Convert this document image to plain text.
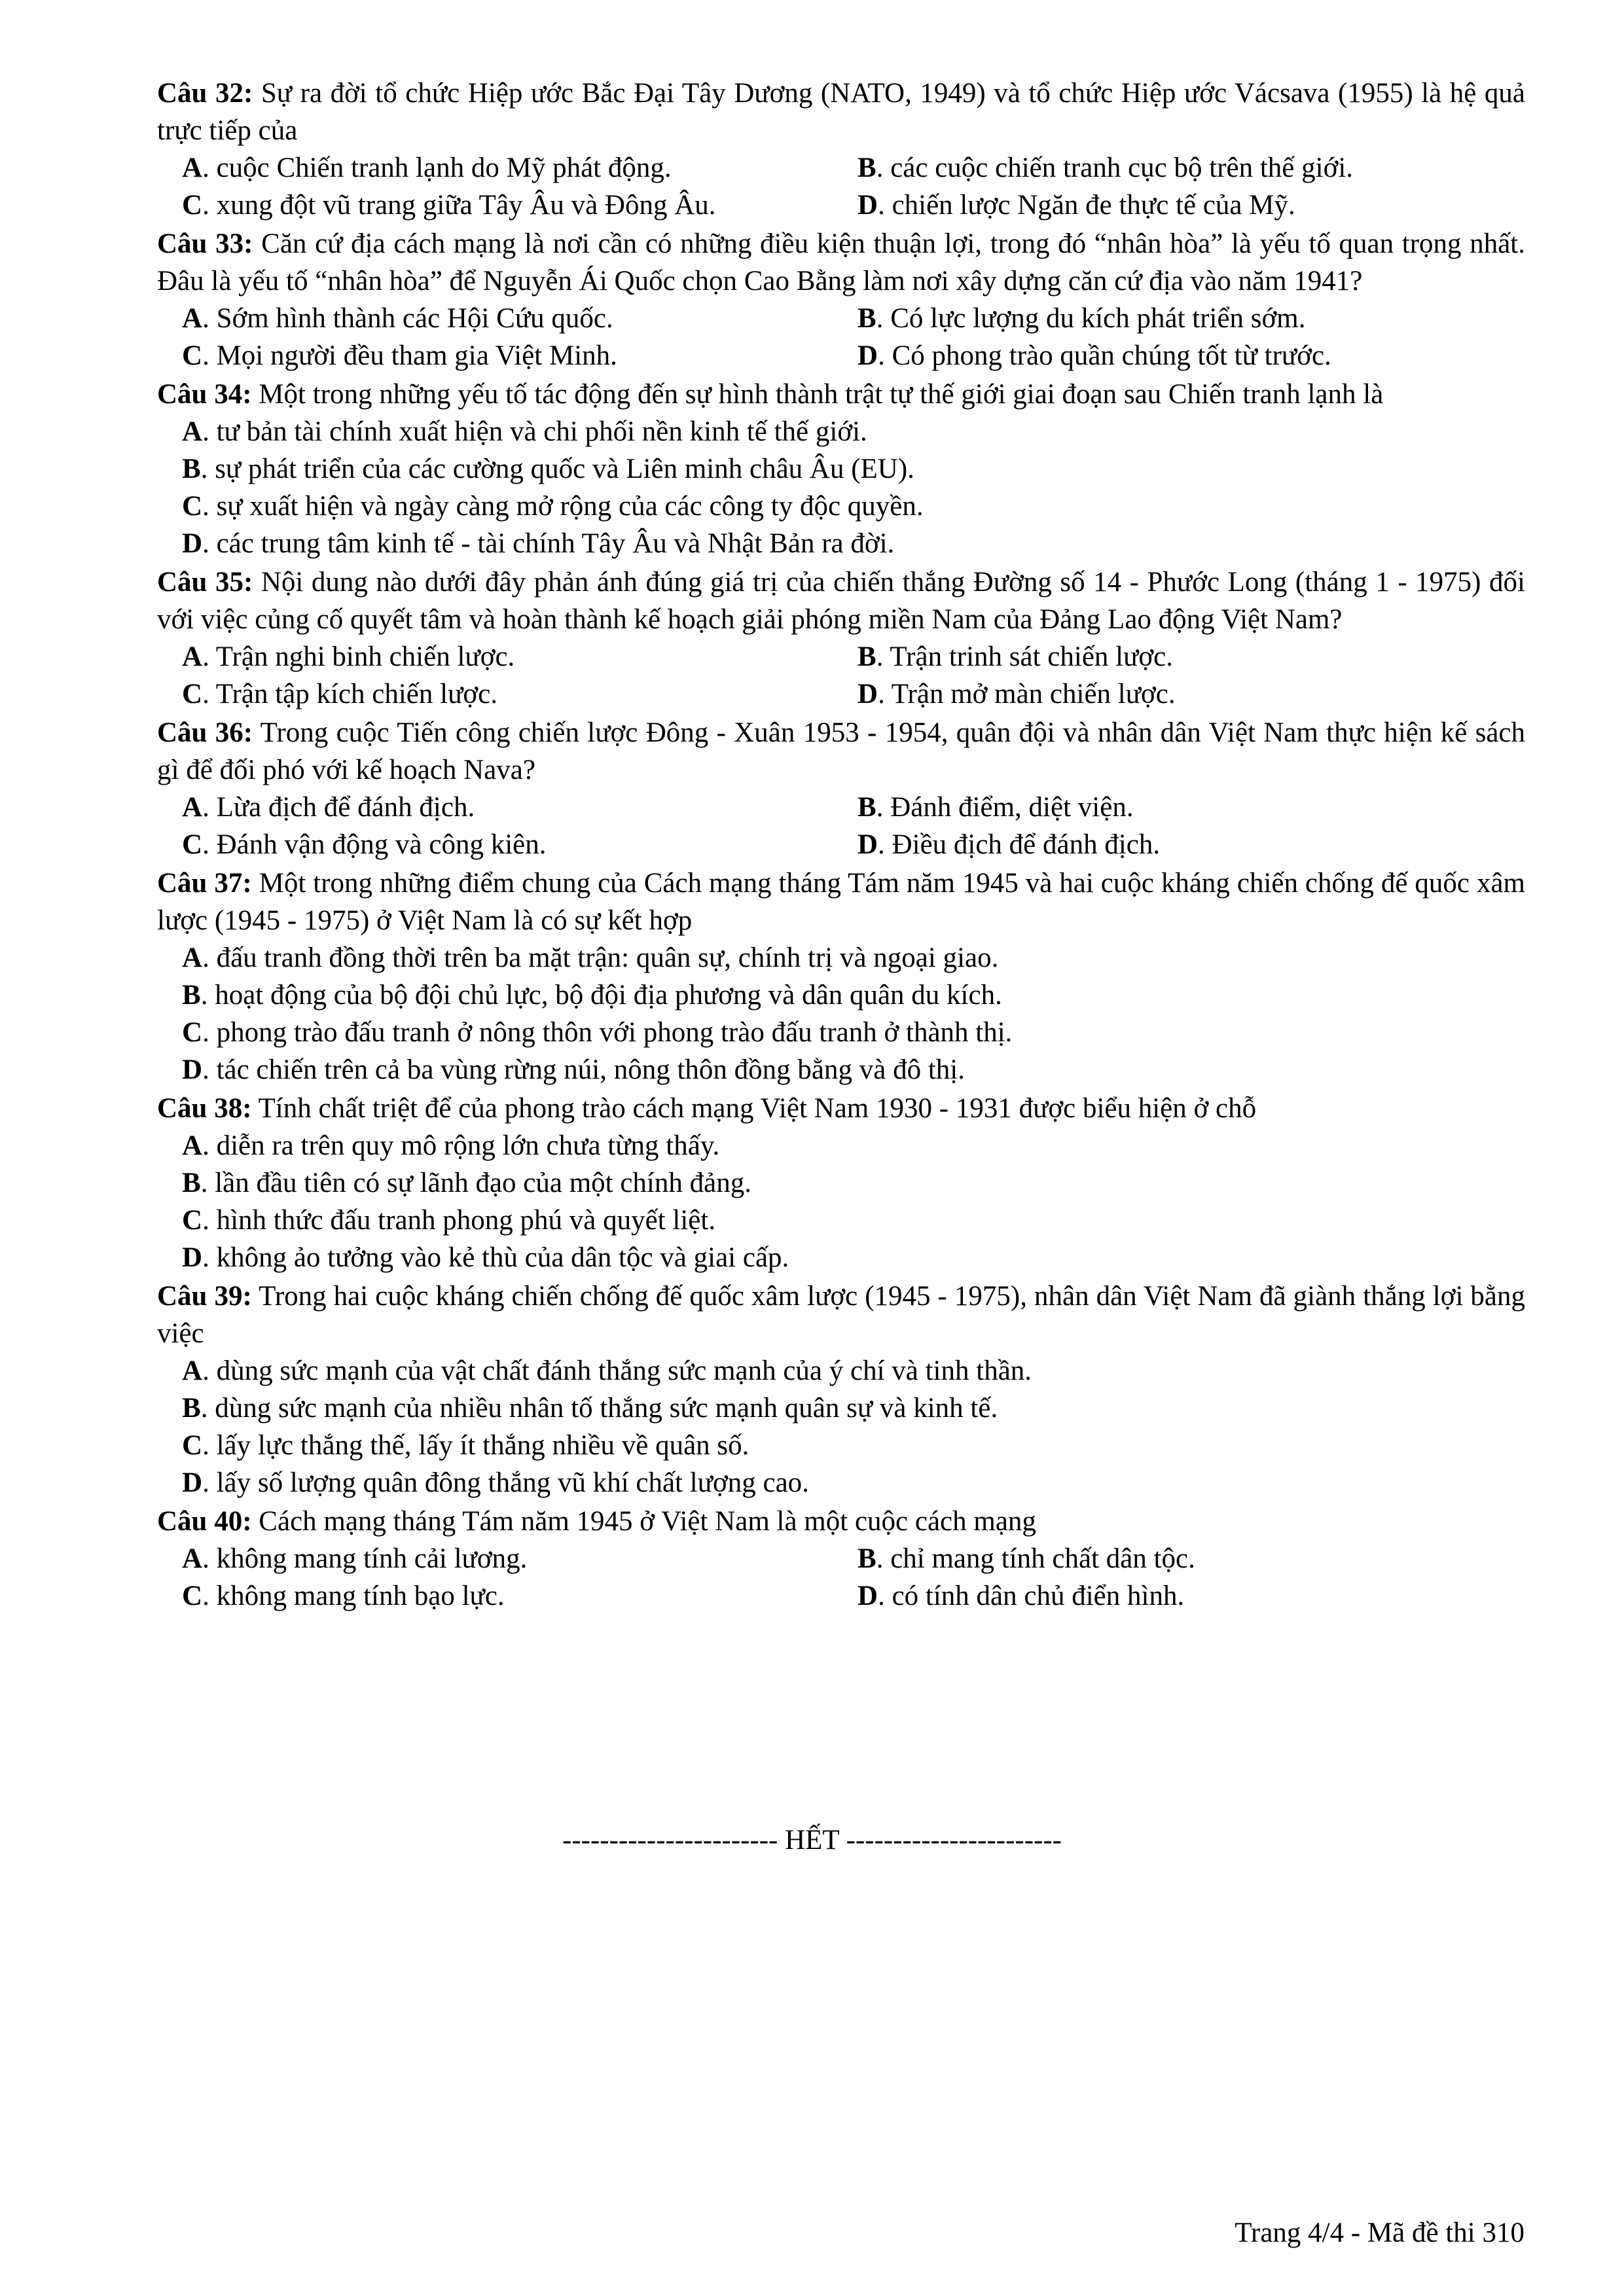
Câu 32: Sự ra đời tổ chức Hiệp ước Bắc Đại Tây Dương (NATO, 1949) và tổ chức Hiệp ước Vácsava (1955) là hệ quả trực tiếp của

A. cuộc Chiến tranh lạnh do Mỹ phát động.	B. các cuộc chiến tranh cục bộ trên thế giới.
C. xung đột vũ trang giữa Tây Âu và Đông Âu.	D. chiến lược Ngăn đe thực tế của Mỹ.

Câu 33: Căn cứ địa cách mạng là nơi cần có những điều kiện thuận lợi, trong đó “nhân hòa” là yếu tố quan trọng nhất. Đâu là yếu tố “nhân hòa” để Nguyễn Ái Quốc chọn Cao Bằng làm nơi xây dựng căn cứ địa vào năm 1941?

A. Sớm hình thành các Hội Cứu quốc.	B. Có lực lượng du kích phát triển sớm.
C. Mọi người đều tham gia Việt Minh.	D. Có phong trào quần chúng tốt từ trước.

Câu 34: Một trong những yếu tố tác động đến sự hình thành trật tự thế giới giai đoạn sau Chiến tranh lạnh là

A. tư bản tài chính xuất hiện và chi phối nền kinh tế thế giới.
B. sự phát triển của các cường quốc và Liên minh châu Âu (EU).
C. sự xuất hiện và ngày càng mở rộng của các công ty độc quyền.
D. các trung tâm kinh tế - tài chính Tây Âu và Nhật Bản ra đời.

Câu 35: Nội dung nào dưới đây phản ánh đúng giá trị của chiến thắng Đường số 14 - Phước Long (tháng 1 - 1975) đối với việc củng cố quyết tâm và hoàn thành kế hoạch giải phóng miền Nam của Đảng Lao động Việt Nam?

A. Trận nghi binh chiến lược.	B. Trận trinh sát chiến lược.
C. Trận tập kích chiến lược.	D. Trận mở màn chiến lược.

Câu 36: Trong cuộc Tiến công chiến lược Đông - Xuân 1953 - 1954, quân đội và nhân dân Việt Nam thực hiện kế sách gì để đối phó với kế hoạch Nava?

A. Lừa địch để đánh địch.	B. Đánh điểm, diệt viện.
C. Đánh vận động và công kiên.	D. Điều địch để đánh địch.

Câu 37: Một trong những điểm chung của Cách mạng tháng Tám năm 1945 và hai cuộc kháng chiến chống đế quốc xâm lược (1945 - 1975) ở Việt Nam là có sự kết hợp

A. đấu tranh đồng thời trên ba mặt trận: quân sự, chính trị và ngoại giao.
B. hoạt động của bộ đội chủ lực, bộ đội địa phương và dân quân du kích.
C. phong trào đấu tranh ở nông thôn với phong trào đấu tranh ở thành thị.
D. tác chiến trên cả ba vùng rừng núi, nông thôn đồng bằng và đô thị.

Câu 38: Tính chất triệt để của phong trào cách mạng Việt Nam 1930 - 1931 được biểu hiện ở chỗ

A. diễn ra trên quy mô rộng lớn chưa từng thấy.
B. lần đầu tiên có sự lãnh đạo của một chính đảng.
C. hình thức đấu tranh phong phú và quyết liệt.
D. không ảo tưởng vào kẻ thù của dân tộc và giai cấp.

Câu 39: Trong hai cuộc kháng chiến chống đế quốc xâm lược (1945 - 1975), nhân dân Việt Nam đã giành thắng lợi bằng việc

A. dùng sức mạnh của vật chất đánh thắng sức mạnh của ý chí và tinh thần.
B. dùng sức mạnh của nhiều nhân tố thắng sức mạnh quân sự và kinh tế.
C. lấy lực thắng thế, lấy ít thắng nhiều về quân số.
D. lấy số lượng quân đông thắng vũ khí chất lượng cao.

Câu 40: Cách mạng tháng Tám năm 1945 ở Việt Nam là một cuộc cách mạng

A. không mang tính cải lương.	B. chỉ mang tính chất dân tộc.
C. không mang tính bạo lực.	D. có tính dân chủ điển hình.
----------------------- HẾT -----------------------
Trang 4/4 - Mã đề thi 310
